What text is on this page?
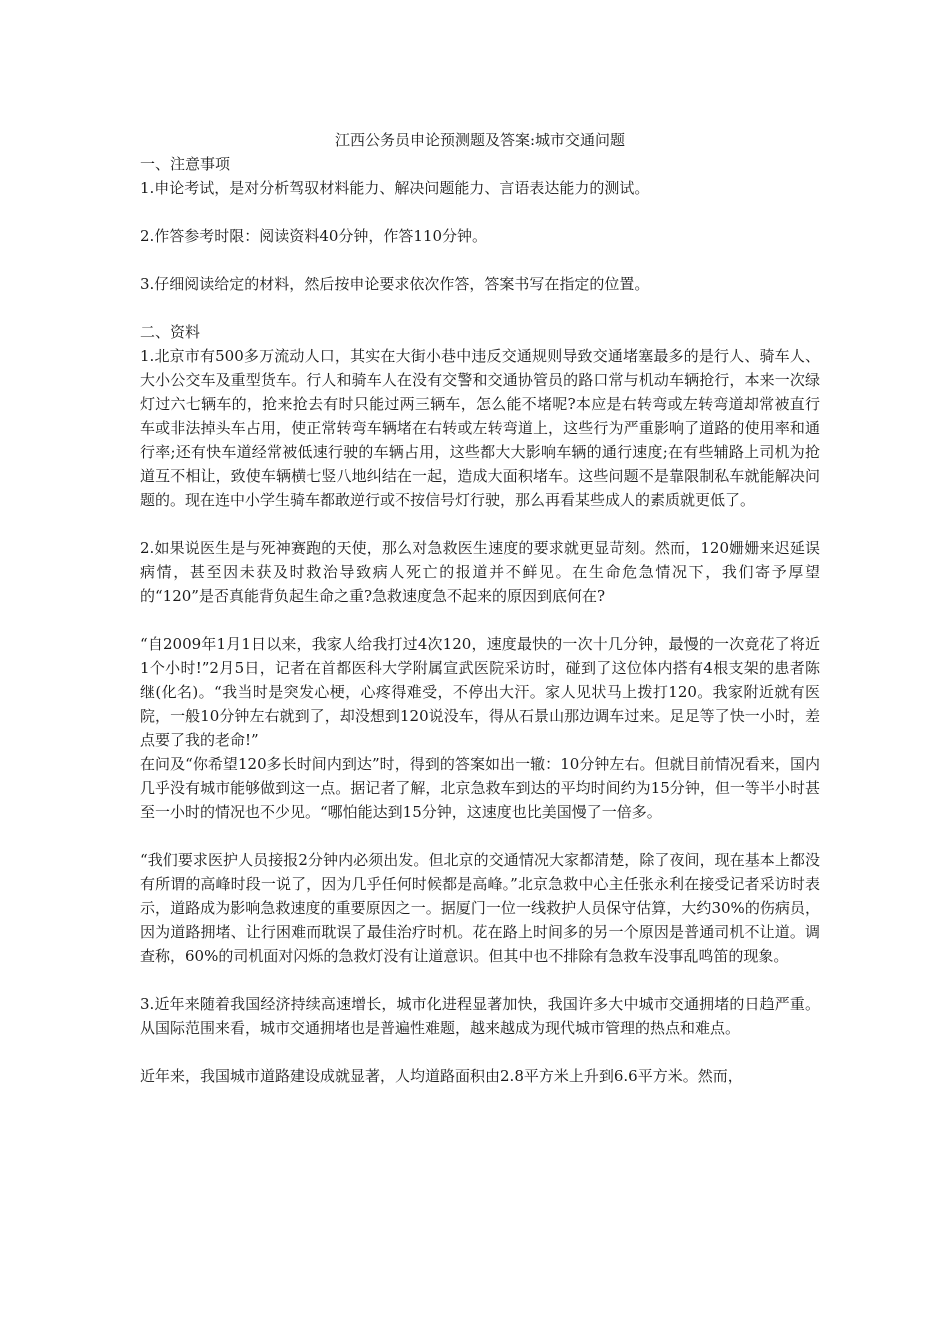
江西公务员申论预测题及答案:城市交通问题

一、注意事项

1.申论考试，是对分析驾驭材料能力、解决问题能力、言语表达能力的测试。

2.作答参考时限：阅读资料40分钟，作答110分钟。

3.仔细阅读给定的材料，然后按申论要求依次作答，答案书写在指定的位置。

二、资料

1.北京市有500多万流动人口，其实在大街小巷中违反交通规则导致交通堵塞最多的是行人、骑车人、大小公交车及重型货车。行人和骑车人在没有交警和交通协管员的路口常与机动车辆抢行，本来一次绿灯过六七辆车的，抢来抢去有时只能过两三辆车，怎么能不堵呢?本应是右转弯或左转弯道却常被直行车或非法掉头车占用，使正常转弯车辆堵在右转或左转弯道上，这些行为严重影响了道路的使用率和通行率;还有快车道经常被低速行驶的车辆占用，这些都大大影响车辆的通行速度;在有些辅路上司机为抢道互不相让，致使车辆横七竖八地纠结在一起，造成大面积堵车。这些问题不是靠限制私车就能解决问题的。现在连中小学生骑车都敢逆行或不按信号灯行驶，那么再看某些成人的素质就更低了。

2.如果说医生是与死神赛跑的天使，那么对急救医生速度的要求就更显苛刻。然而，120姗姗来迟延误病情，甚至因未获及时救治导致病人死亡的报道并不鲜见。在生命危急情况下，我们寄予厚望的“120”是否真能背负起生命之重?急救速度急不起来的原因到底何在?

“自2009年1月1日以来，我家人给我打过4次120，速度最快的一次十几分钟，最慢的一次竟花了将近1个小时!”2月5日，记者在首都医科大学附属宣武医院采访时，碰到了这位体内搭有4根支架的患者陈继(化名)。“我当时是突发心梗，心疼得难受，不停出大汗。家人见状马上拨打120。我家附近就有医院，一般10分钟左右就到了，却没想到120说没车，得从石景山那边调车过来。足足等了快一小时，差点要了我的老命!”

在问及“你希望120多长时间内到达”时，得到的答案如出一辙：10分钟左右。但就目前情况看来，国内几乎没有城市能够做到这一点。据记者了解，北京急救车到达的平均时间约为15分钟，但一等半小时甚至一小时的情况也不少见。“哪怕能达到15分钟，这速度也比美国慢了一倍多。

“我们要求医护人员接报2分钟内必须出发。但北京的交通情况大家都清楚，除了夜间，现在基本上都没有所谓的高峰时段一说了，因为几乎任何时候都是高峰。”北京急救中心主任张永利在接受记者采访时表示，道路成为影响急救速度的重要原因之一。据厦门一位一线救护人员保守估算，大约30%的伤病员，因为道路拥堵、让行困难而耽误了最佳治疗时机。花在路上时间多的另一个原因是普通司机不让道。调查称，60%的司机面对闪烁的急救灯没有让道意识。但其中也不排除有急救车没事乱鸣笛的现象。

3.近年来随着我国经济持续高速增长，城市化进程显著加快，我国许多大中城市交通拥堵的日趋严重。从国际范围来看，城市交通拥堵也是普遍性难题，越来越成为现代城市管理的热点和难点。

近年来，我国城市道路建设成就显著，人均道路面积由2.8平方米上升到6.6平方米。然而，
